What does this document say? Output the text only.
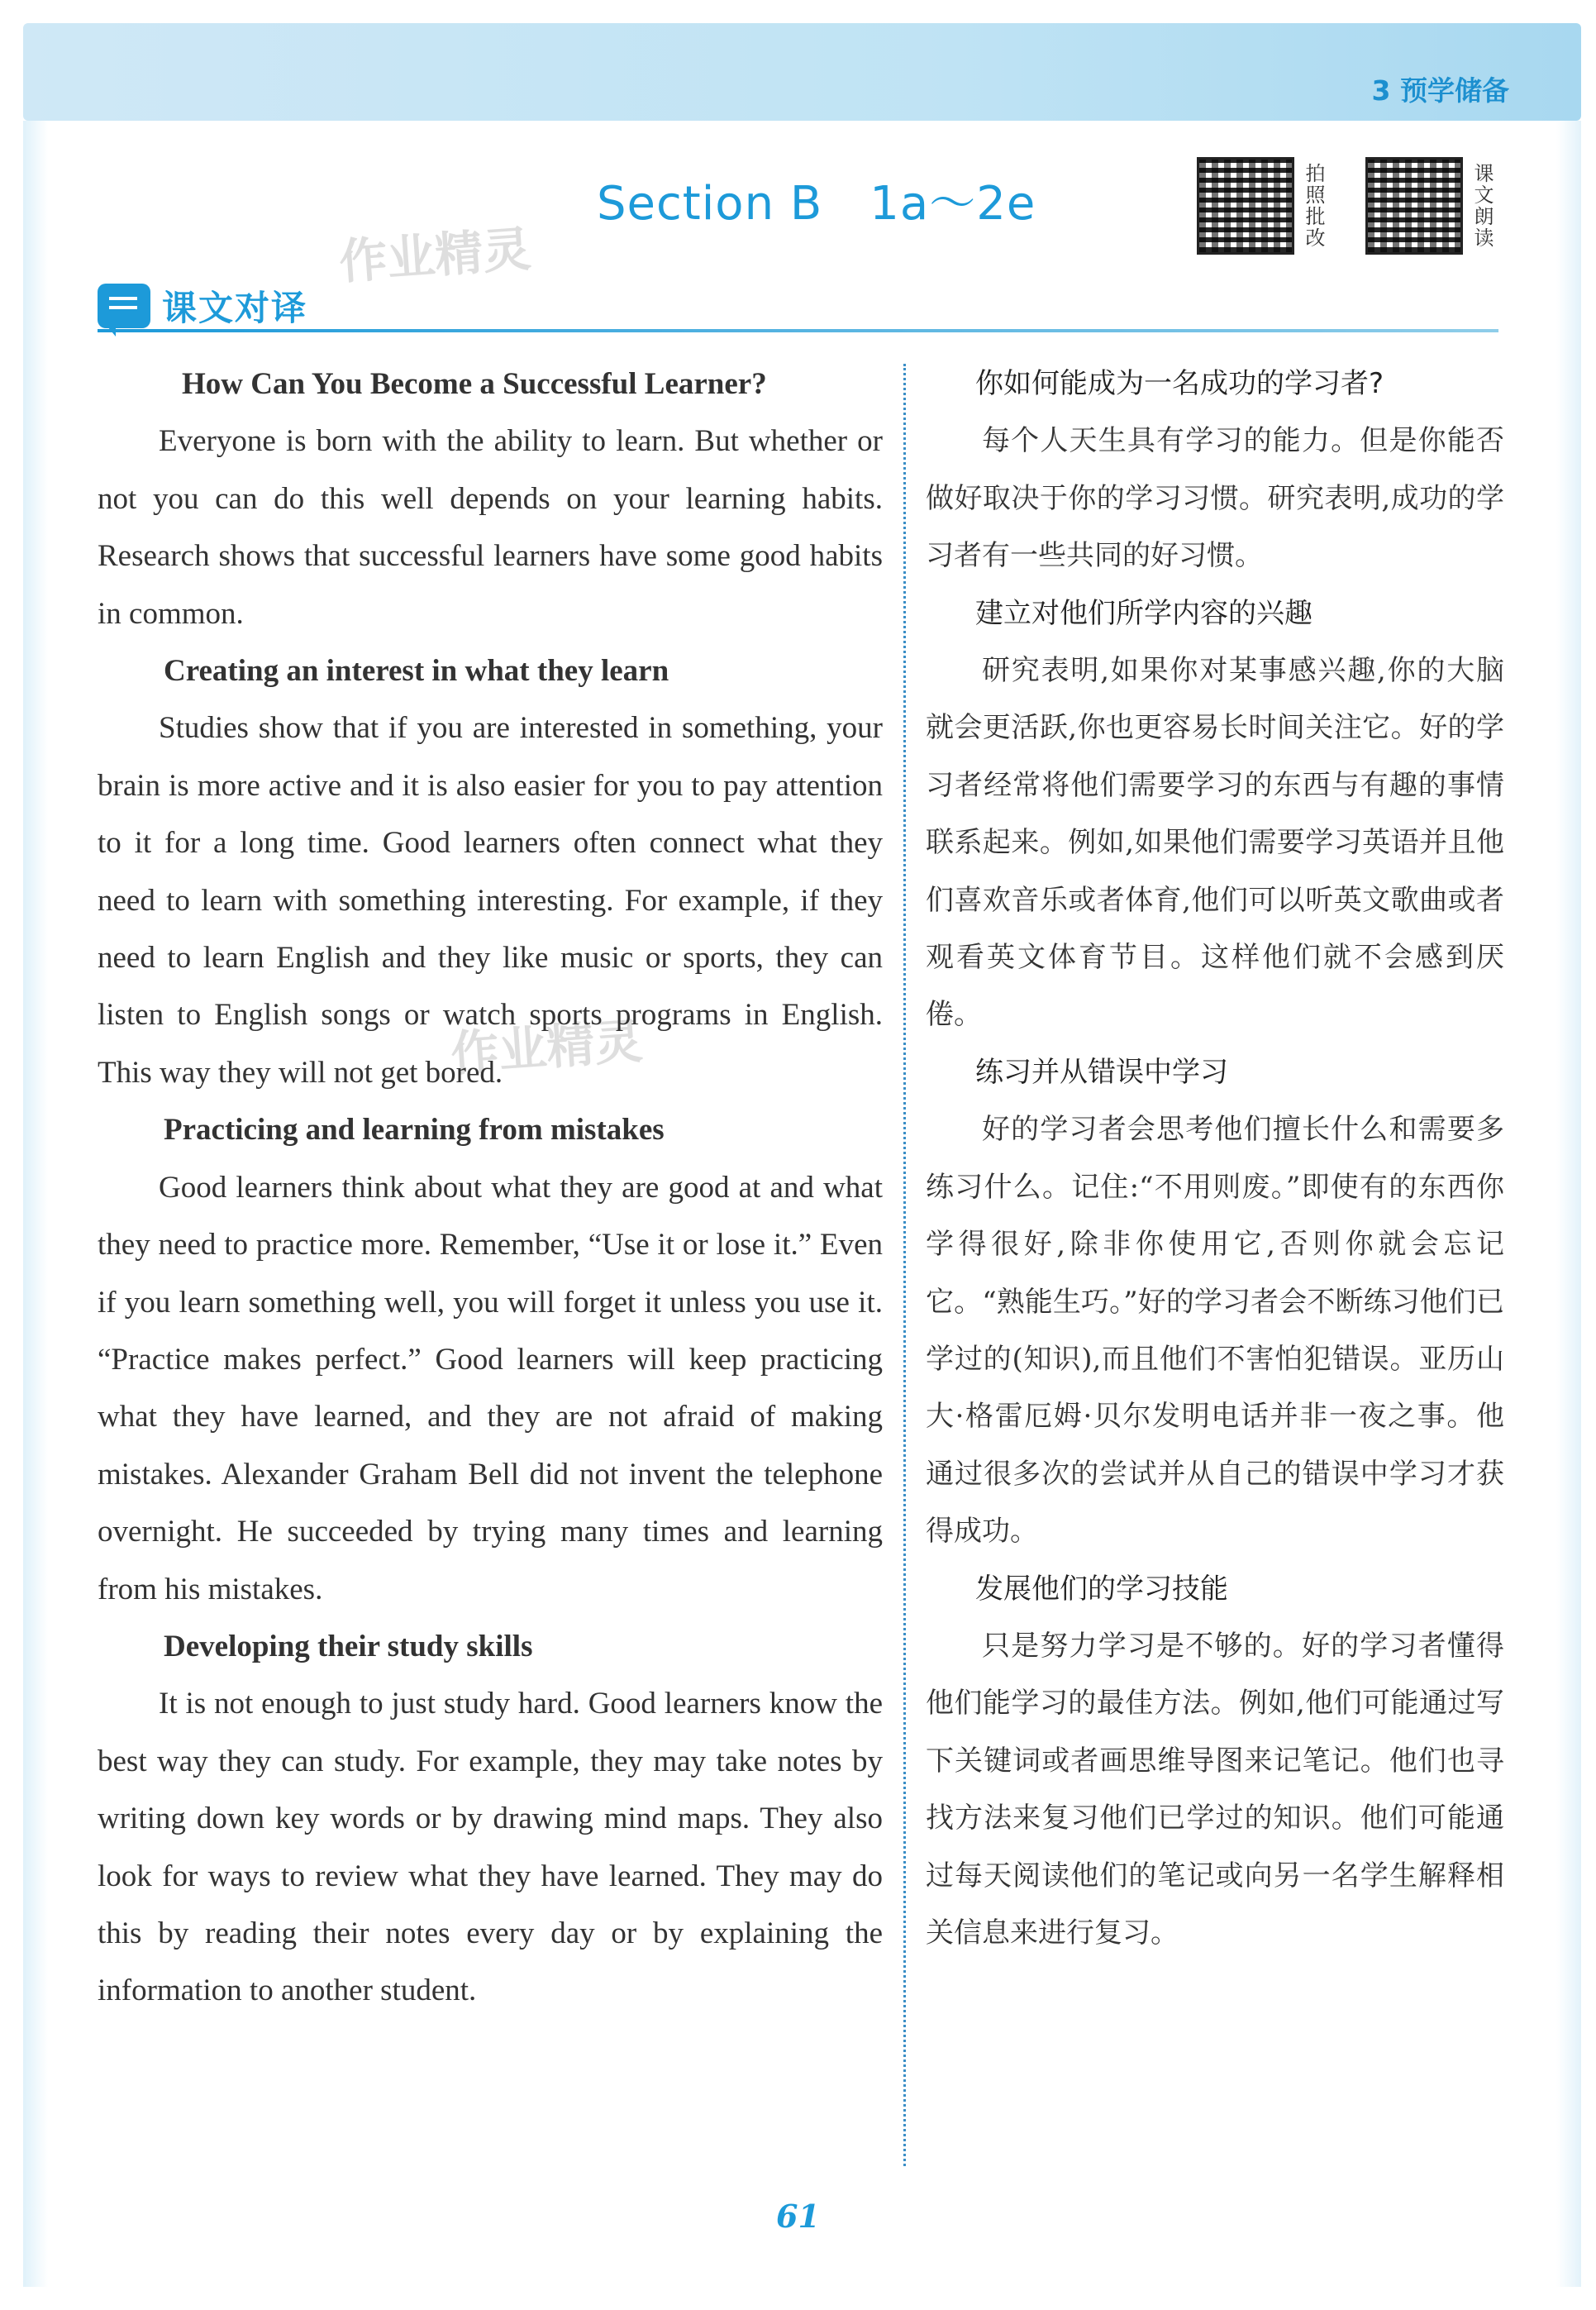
3 预学储备
Section B　1a～2e
作业精灵
作业精灵
拍照批改	课文朗读
课文对译
How Can You Become a Successful Learner?

Everyone is born with the ability to learn. But whether or not you can do this well depends on your learning habits. Research shows that successful learners have some good habits in common.

Creating an interest in what they learn

Studies show that if you are interested in something, your brain is more active and it is also easier for you to pay attention to it for a long time. Good learners often connect what they need to learn with something interesting. For example, if they need to learn English and they like music or sports, they can listen to English songs or watch sports programs in English. This way they will not get bored.

Practicing and learning from mistakes

Good learners think about what they are good at and what they need to practice more. Remember, “Use it or lose it.” Even if you learn something well, you will forget it unless you use it. “Practice makes perfect.” Good learners will keep practicing what they have learned, and they are not afraid of making mistakes. Alexander Graham Bell did not invent the telephone overnight. He succeeded by trying many times and learning from his mistakes.

Developing their study skills

It is not enough to just study hard. Good learners know the best way they can study. For example, they may take notes by writing down key words or by drawing mind maps. They also look for ways to review what they have learned. They may do this by reading their notes every day or by explaining the information to another student.

你如何能成为一名成功的学习者?

每个人天生具有学习的能力。但是你能否做好取决于你的学习习惯。研究表明,成功的学习者有一些共同的好习惯。

建立对他们所学内容的兴趣

研究表明,如果你对某事感兴趣,你的大脑就会更活跃,你也更容易长时间关注它。好的学习者经常将他们需要学习的东西与有趣的事情联系起来。例如,如果他们需要学习英语并且他们喜欢音乐或者体育,他们可以听英文歌曲或者观看英文体育节目。这样他们就不会感到厌倦。

练习并从错误中学习

好的学习者会思考他们擅长什么和需要多练习什么。记住:“不用则废。”即使有的东西你学得很好,除非你使用它,否则你就会忘记它。“熟能生巧。”好的学习者会不断练习他们已学过的(知识),而且他们不害怕犯错误。亚历山大·格雷厄姆·贝尔发明电话并非一夜之事。他通过很多次的尝试并从自己的错误中学习才获得成功。

发展他们的学习技能

只是努力学习是不够的。好的学习者懂得他们能学习的最佳方法。例如,他们可能通过写下关键词或者画思维导图来记笔记。他们也寻找方法来复习他们已学过的知识。他们可能通过每天阅读他们的笔记或向另一名学生解释相关信息来进行复习。

61
